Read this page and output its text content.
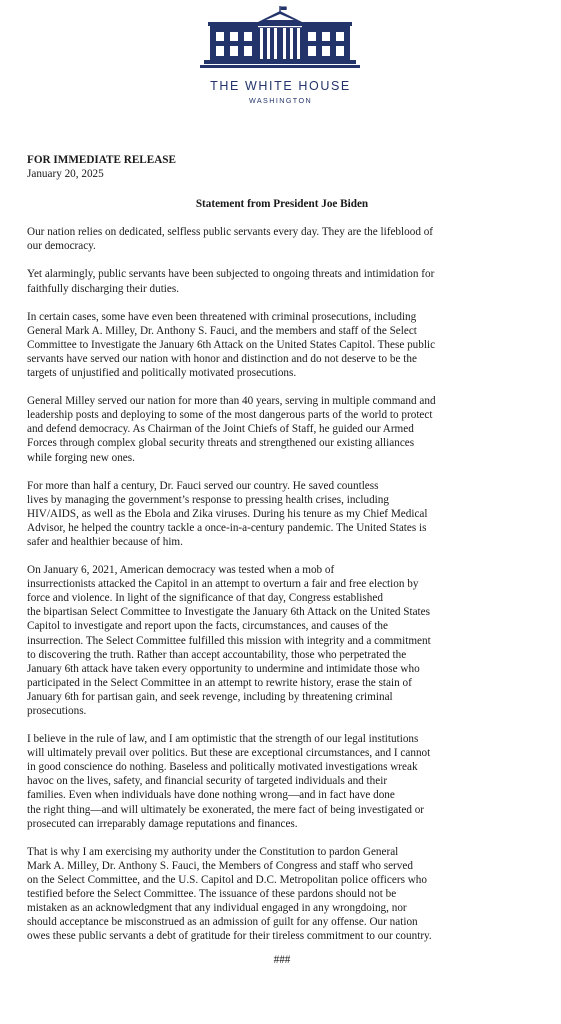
THE WHITE HOUSE
WASHINGTON

FOR IMMEDIATE RELEASE

January 20, 2025

Statement from President Joe Biden

Our nation relies on dedicated, selfless public servants every day. They are the lifeblood of
our democracy.

Yet alarmingly, public servants have been subjected to ongoing threats and intimidation for
faithfully discharging their duties.

In certain cases, some have even been threatened with criminal prosecutions, including
General Mark A. Milley, Dr. Anthony S. Fauci, and the members and staff of the Select
Committee to Investigate the January 6th Attack on the United States Capitol. These public
servants have served our nation with honor and distinction and do not deserve to be the
targets of unjustified and politically motivated prosecutions.

General Milley served our nation for more than 40 years, serving in multiple command and
leadership posts and deploying to some of the most dangerous parts of the world to protect
and defend democracy. As Chairman of the Joint Chiefs of Staff, he guided our Armed
Forces through complex global security threats and strengthened our existing alliances
while forging new ones.

For more than half a century, Dr. Fauci served our country. He saved countless
lives by managing the government’s response to pressing health crises, including
HIV/AIDS, as well as the Ebola and Zika viruses. During his tenure as my Chief Medical
Advisor, he helped the country tackle a once-in-a-century pandemic. The United States is
safer and healthier because of him.

On January 6, 2021, American democracy was tested when a mob of
insurrectionists attacked the Capitol in an attempt to overturn a fair and free election by
force and violence. In light of the significance of that day, Congress established
the bipartisan Select Committee to Investigate the January 6th Attack on the United States
Capitol to investigate and report upon the facts, circumstances, and causes of the
insurrection. The Select Committee fulfilled this mission with integrity and a commitment
to discovering the truth. Rather than accept accountability, those who perpetrated the
January 6th attack have taken every opportunity to undermine and intimidate those who
participated in the Select Committee in an attempt to rewrite history, erase the stain of
January 6th for partisan gain, and seek revenge, including by threatening criminal
prosecutions.

I believe in the rule of law, and I am optimistic that the strength of our legal institutions
will ultimately prevail over politics. But these are exceptional circumstances, and I cannot
in good conscience do nothing. Baseless and politically motivated investigations wreak
havoc on the lives, safety, and financial security of targeted individuals and their
families. Even when individuals have done nothing wrong—and in fact have done
the right thing—and will ultimately be exonerated, the mere fact of being investigated or
prosecuted can irreparably damage reputations and finances.

That is why I am exercising my authority under the Constitution to pardon General
Mark A. Milley, Dr. Anthony S. Fauci, the Members of Congress and staff who served
on the Select Committee, and the U.S. Capitol and D.C. Metropolitan police officers who
testified before the Select Committee. The issuance of these pardons should not be
mistaken as an acknowledgment that any individual engaged in any wrongdoing, nor
should acceptance be misconstrued as an admission of guilt for any offense. Our nation
owes these public servants a debt of gratitude for their tireless commitment to our country.

###
